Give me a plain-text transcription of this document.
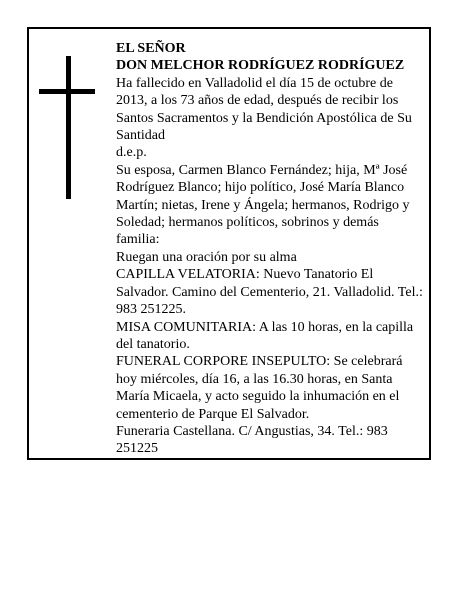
EL SEÑOR

DON MELCHOR RODRÍGUEZ RODRÍGUEZ

Ha fallecido en Valladolid el día 15 de octubre de 2013, a los 73 años de edad, después de recibir los Santos Sacramentos y la Bendición Apostólica de Su Santidad

d.e.p.

Su esposa, Carmen Blanco Fernández; hija, Mª José Rodríguez Blanco; hijo político, José María Blanco Martín; nietas, Irene y Ángela; hermanos, Rodrigo y Soledad; hermanos políticos, sobrinos y demás familia:

Ruegan una oración por su alma

CAPILLA VELATORIA: Nuevo Tanatorio El Salvador. Camino del Cementerio, 21. Valladolid. Tel.: 983 251225.

MISA COMUNITARIA: A las 10 horas, en la capilla del tanatorio.

FUNERAL CORPORE INSEPULTO: Se celebrará hoy miércoles, día 16, a las 16.30 horas, en Santa María Micaela, y acto seguido la inhumación en el cementerio de Parque El Salvador.

Funeraria Castellana. C/ Angustias, 34. Tel.: 983 251225
